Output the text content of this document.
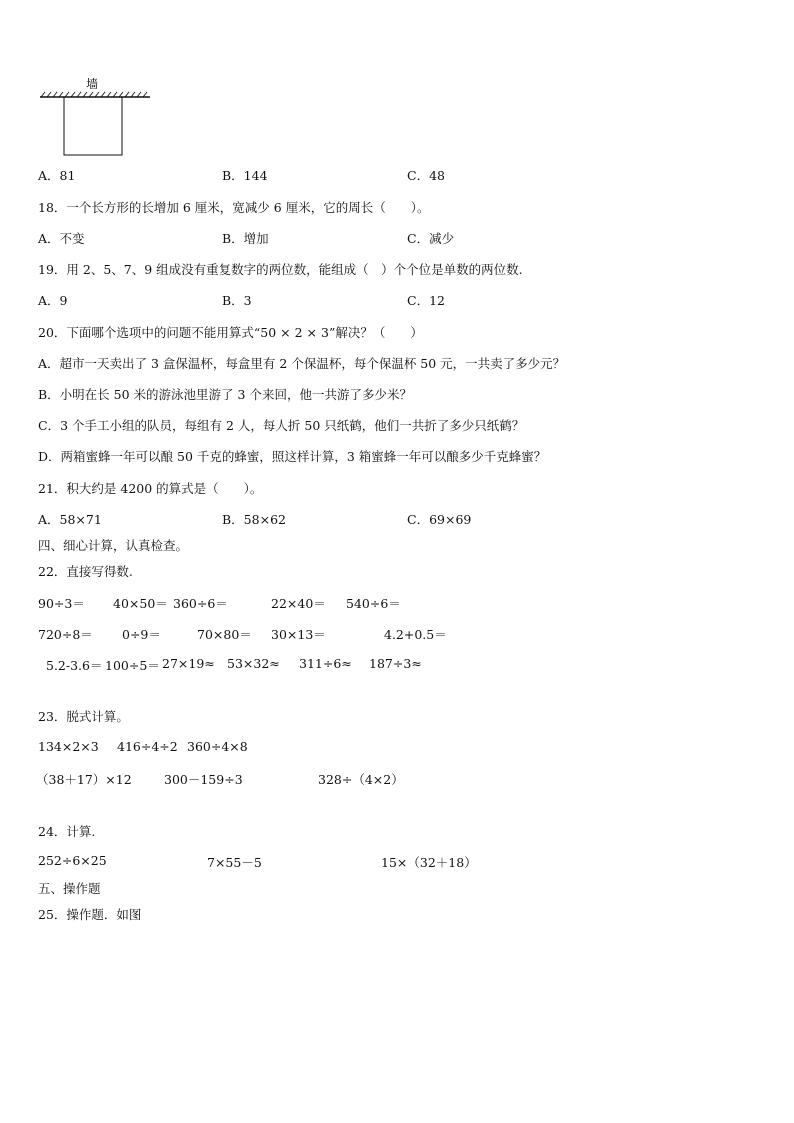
墙
A．81	B．144	C．48
18．一个长方形的长增加 6 厘米，宽减少 6 厘米，它的周长（　　）。
A．不变	B．增加	C．减少
19．用 2、5、7、9 组成没有重复数字的两位数，能组成（　）个个位是单数的两位数.
A．9	B．3	C．12
20．下面哪个选项中的问题不能用算式“50 × 2 × 3”解决？（　　）
A．超市一天卖出了 3 盒保温杯，每盒里有 2 个保温杯，每个保温杯 50 元，一共卖了多少元？
B．小明在长 50 米的游泳池里游了 3 个来回，他一共游了多少米？
C．3 个手工小组的队员，每组有 2 人，每人折 50 只纸鹤，他们一共折了多少只纸鹤？
D．两箱蜜蜂一年可以酿 50 千克的蜂蜜，照这样计算，3 箱蜜蜂一年可以酿多少千克蜂蜜？
21．积大约是 4200 的算式是（　　）。
A．58×71	B．58×62	C．69×69
四、细心计算，认真检查。
22．直接写得数.
90÷3＝ 40×50＝ 360÷6＝	22×40＝ 540÷6＝
720÷8＝ 0÷9＝	70×80＝ 30×13＝	4.2+0.5＝
5.2-3.6＝ 100÷5＝ 27×19≈ 53×32≈ 311÷6≈ 187÷3≈
23．脱式计算。
134×2×3 416÷4÷2 360÷4×8
（38＋17）×12	300－159÷3	328÷（4×2）
24．计算.
252÷6×25	7×55－5	15×（32＋18）
五、操作题
25．操作题．如图
